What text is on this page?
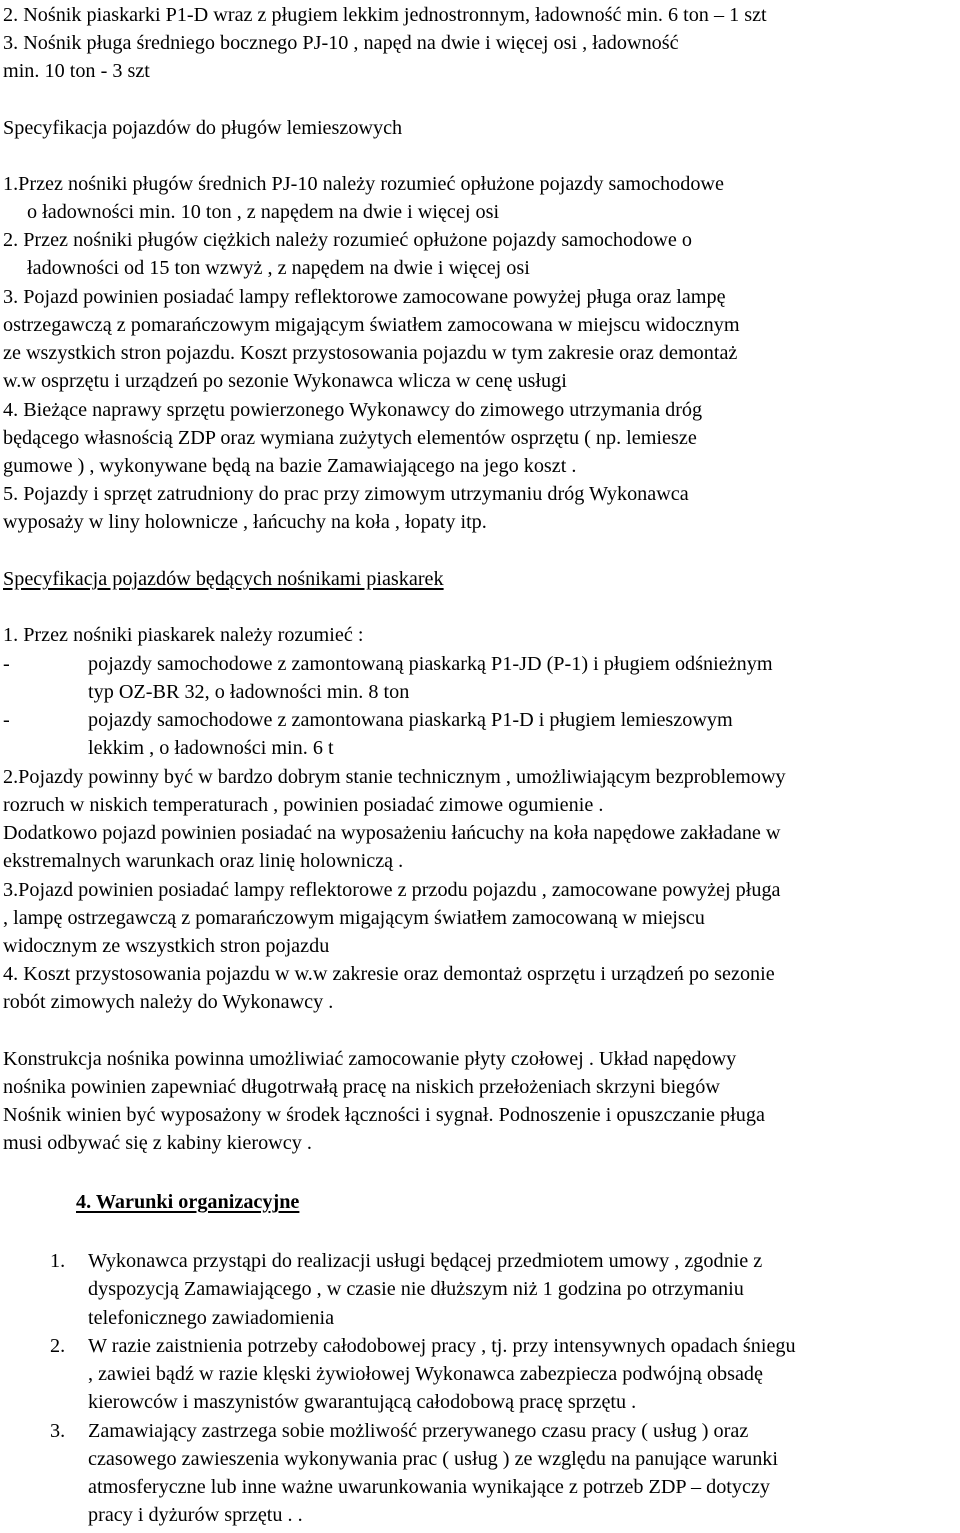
2. Nośnik piaskarki P1-D wraz z pługiem lekkim jednostronnym, ładowność min. 6 ton – 1 szt
3. Nośnik pługa średniego bocznego PJ-10 , napęd na dwie i więcej osi , ładowność
min. 10 ton - 3 szt
Specyfikacja pojazdów do pługów lemieszowych
1.Przez nośniki pługów średnich PJ-10 należy rozumieć opłużone pojazdy samochodowe
o ładowności min. 10 ton , z napędem na dwie i więcej osi
2. Przez nośniki pługów ciężkich należy rozumieć opłużone pojazdy samochodowe o
ładowności od 15 ton wzwyż , z napędem na dwie i więcej osi
3. Pojazd powinien posiadać lampy reflektorowe zamocowane powyżej pługa oraz lampę
ostrzegawczą z pomarańczowym migającym światłem zamocowana w miejscu widocznym
ze wszystkich stron pojazdu. Koszt przystosowania pojazdu w tym zakresie oraz demontaż
w.w osprzętu i urządzeń po sezonie Wykonawca wlicza w cenę usługi
4. Bieżące naprawy sprzętu powierzonego Wykonawcy do zimowego utrzymania dróg
będącego własnością ZDP oraz wymiana zużytych elementów osprzętu ( np. lemiesze
gumowe ) , wykonywane będą na bazie Zamawiającego na jego koszt .
5. Pojazdy i sprzęt zatrudniony do prac przy zimowym utrzymaniu dróg Wykonawca
wyposaży w liny holownicze , łańcuchy na koła , łopaty itp.
Specyfikacja pojazdów będących nośnikami piaskarek
1. Przez nośniki piaskarek należy rozumieć :
-	pojazdy samochodowe z zamontowaną piaskarką P1-JD (P-1) i pługiem odśnieżnym
typ OZ-BR 32, o ładowności min. 8 ton
-	pojazdy samochodowe z zamontowana piaskarką P1-D i pługiem lemieszowym
lekkim , o ładowności min. 6 t
2.Pojazdy powinny być w bardzo dobrym stanie technicznym , umożliwiającym bezproblemowy
rozruch w niskich temperaturach , powinien posiadać zimowe ogumienie .
Dodatkowo pojazd powinien posiadać na wyposażeniu łańcuchy na koła napędowe zakładane w
ekstremalnych warunkach oraz linię holowniczą .
3.Pojazd powinien posiadać lampy reflektorowe z przodu pojazdu , zamocowane powyżej pługa
, lampę ostrzegawczą z pomarańczowym migającym światłem zamocowaną w miejscu
widocznym ze wszystkich stron pojazdu
4. Koszt przystosowania pojazdu w w.w zakresie oraz demontaż osprzętu i urządzeń po sezonie
robót zimowych należy do Wykonawcy .
Konstrukcja nośnika powinna umożliwiać zamocowanie płyty czołowej . Układ napędowy
nośnika powinien zapewniać długotrwałą pracę na niskich przełożeniach skrzyni biegów
Nośnik winien być wyposażony w środek łączności i sygnał. Podnoszenie i opuszczanie pługa
musi odbywać się z kabiny kierowcy .
4. Warunki organizacyjne
1. Wykonawca przystąpi do realizacji usługi będącej przedmiotem umowy , zgodnie z
dyspozycją Zamawiającego , w czasie nie dłuższym niż 1 godzina po otrzymaniu
telefonicznego zawiadomienia
2. W razie zaistnienia potrzeby całodobowej pracy , tj. przy intensywnych opadach śniegu
, zawiei bądź w razie klęski żywiołowej Wykonawca zabezpiecza podwójną obsadę
kierowców i maszynistów gwarantującą całodobową pracę sprzętu .
3. Zamawiający zastrzega sobie możliwość przerywanego czasu pracy ( usług ) oraz
czasowego zawieszenia wykonywania prac ( usług ) ze względu na panujące warunki
atmosferyczne lub inne ważne uwarunkowania wynikające z potrzeb ZDP – dotyczy
pracy i dyżurów sprzętu . .
